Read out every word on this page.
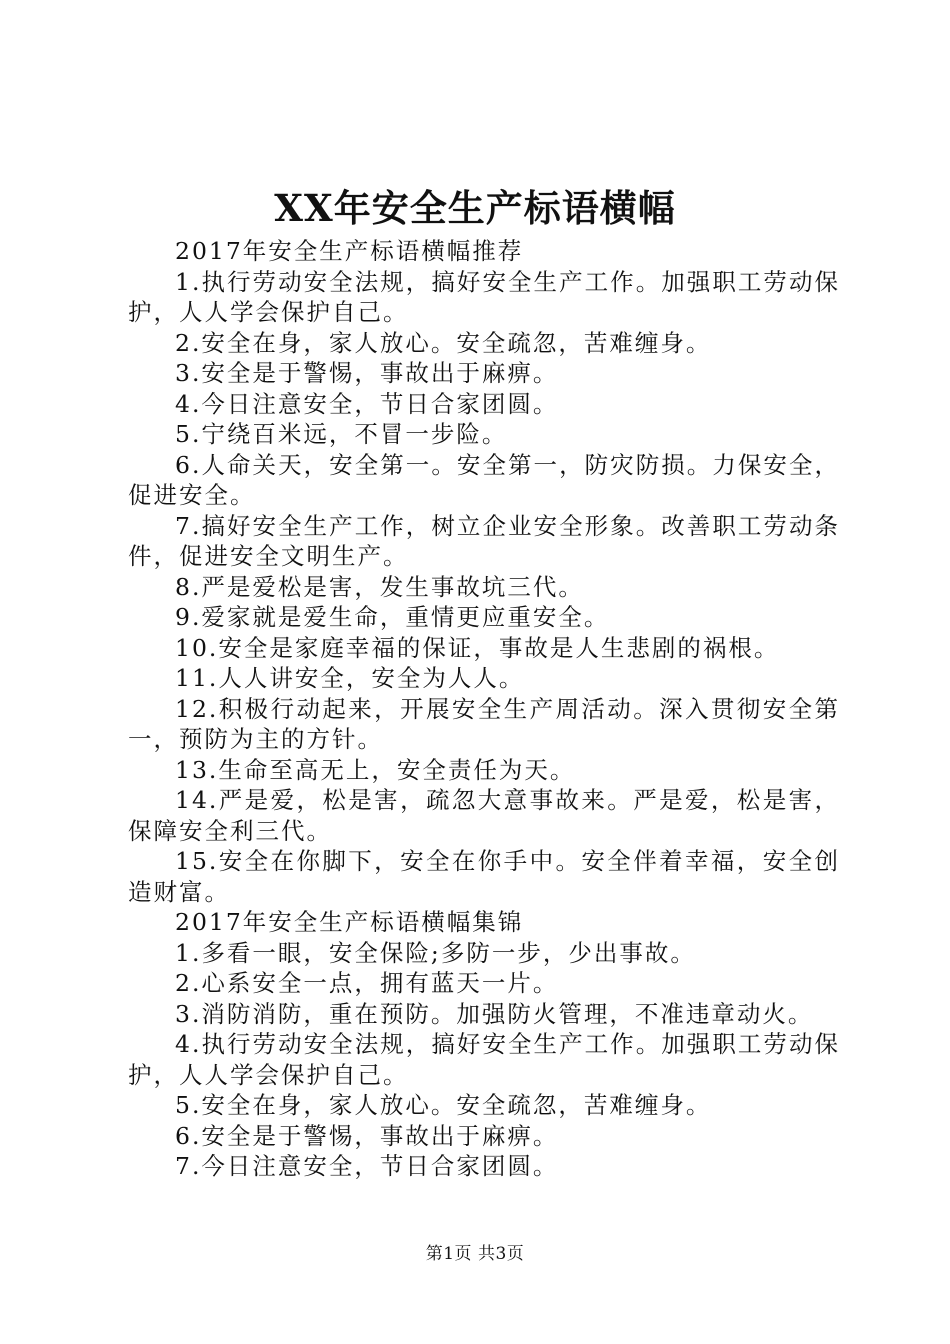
XX年安全生产标语横幅

2017年安全生产标语横幅推荐

1.执行劳动安全法规，搞好安全生产工作。加强职工劳动保护，人人学会保护自己。

2.安全在身，家人放心。安全疏忽，苦难缠身。

3.安全是于警惕，事故出于麻痹。

4.今日注意安全，节日合家团圆。

5.宁绕百米远，不冒一步险。

6.人命关天，安全第一。安全第一，防灾防损。力保安全，促进安全。

7.搞好安全生产工作，树立企业安全形象。改善职工劳动条件，促进安全文明生产。

8.严是爱松是害，发生事故坑三代。

9.爱家就是爱生命，重情更应重安全。

10.安全是家庭幸福的保证，事故是人生悲剧的祸根。

11.人人讲安全，安全为人人。

12.积极行动起来，开展安全生产周活动。深入贯彻安全第一，预防为主的方针。

13.生命至高无上，安全责任为天。

14.严是爱，松是害，疏忽大意事故来。严是爱，松是害，保障安全利三代。

15.安全在你脚下，安全在你手中。安全伴着幸福，安全创造财富。

2017年安全生产标语横幅集锦

1.多看一眼，安全保险;多防一步，少出事故。

2.心系安全一点，拥有蓝天一片。

3.消防消防，重在预防。加强防火管理，不准违章动火。

4.执行劳动安全法规，搞好安全生产工作。加强职工劳动保护，人人学会保护自己。

5.安全在身，家人放心。安全疏忽，苦难缠身。

6.安全是于警惕，事故出于麻痹。

7.今日注意安全，节日合家团圆。

第1页 共3页
